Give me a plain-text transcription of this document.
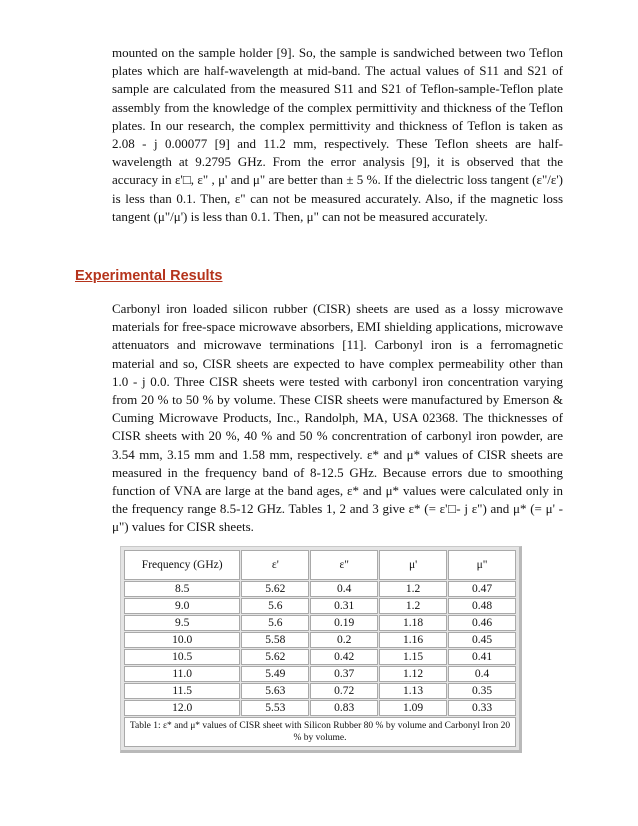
mounted on the sample holder [9]. So, the sample is sandwiched between two Teflon plates which are half-wavelength at mid-band. The actual values of S11 and S21 of sample are calculated from the measured S11 and S21 of Teflon-sample-Teflon plate assembly from the knowledge of the complex permittivity and thickness of the Teflon plates. In our research, the complex permittivity and thickness of Teflon is taken as 2.08 - j 0.00077 [9] and 11.2 mm, respectively. These Teflon sheets are half-wavelength at 9.2795 GHz. From the error analysis [9], it is observed that the accuracy in ε'□, ε" , μ' and μ" are better than ± 5 %. If the dielectric loss tangent (ε"/ε') is less than 0.1. Then, ε" can not be measured accurately. Also, if the magnetic loss tangent (μ"/μ') is less than 0.1. Then, μ" can not be measured accurately.

Experimental Results

Carbonyl iron loaded silicon rubber (CISR) sheets are used as a lossy microwave materials for free-space microwave absorbers, EMI shielding applications, microwave attenuators and microwave terminations [11]. Carbonyl iron is a ferromagnetic material and so, CISR sheets are expected to have complex permeability other than 1.0 - j 0.0. Three CISR sheets were tested with carbonyl iron concentration varying from 20 % to 50 % by volume. These CISR sheets were manufactured by Emerson & Cuming Microwave Products, Inc., Randolph, MA, USA 02368. The thicknesses of CISR sheets with 20 %, 40 % and 50 % concrentration of carbonyl iron powder, are 3.54 mm, 3.15 mm and 1.58 mm, respectively. ε* and μ* values of CISR sheets are measured in the frequency band of 8-12.5 GHz. Because errors due to smoothing function of VNA are large at the band ages, ε* and μ* values were calculated only in the frequency range 8.5-12 GHz. Tables 1, 2 and 3 give ε* (= ε'□- j ε") and μ* (= μ' - μ") values for CISR sheets.

Frequency (GHz)	ε'	ε"	μ'	μ"
8.5	5.62	0.4	1.2	0.47
9.0	5.6	0.31	1.2	0.48
9.5	5.6	0.19	1.18	0.46
10.0	5.58	0.2	1.16	0.45
10.5	5.62	0.42	1.15	0.41
11.0	5.49	0.37	1.12	0.4
11.5	5.63	0.72	1.13	0.35
12.0	5.53	0.83	1.09	0.33
Table 1: ε* and μ* values of CISR sheet with Silicon Rubber 80 % by volume and Carbonyl Iron 20 % by volume.				
